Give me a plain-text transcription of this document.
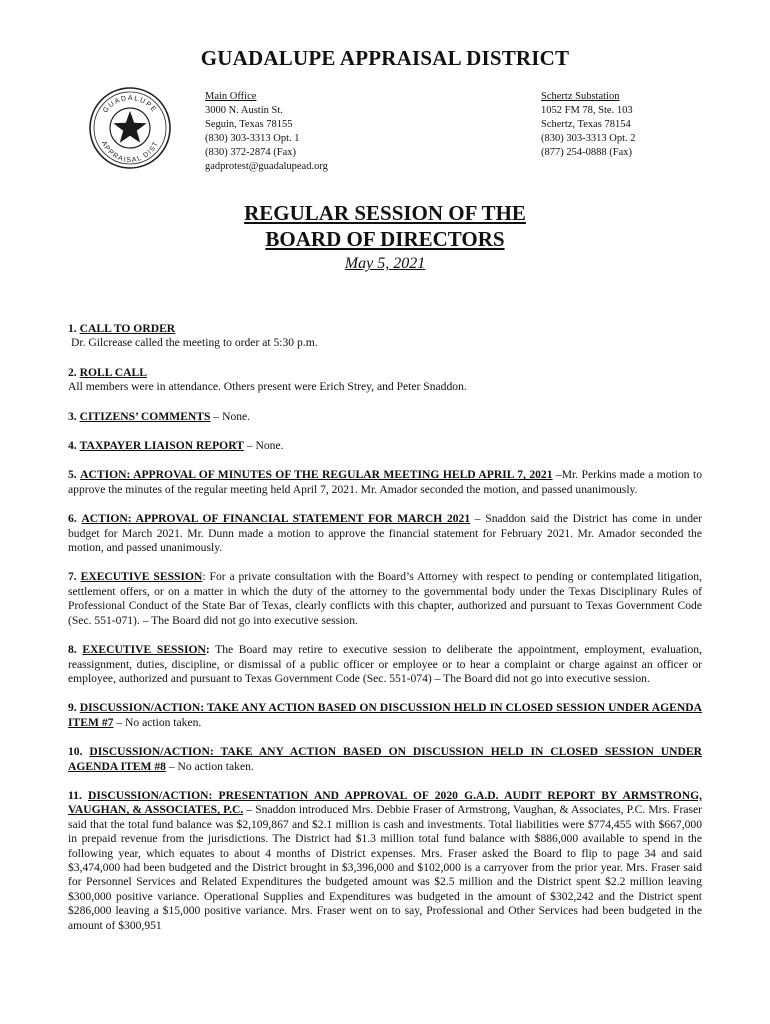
GUADALUPE APPRAISAL DISTRICT
GUADALUPE
APPRAISAL DIST
Main Office
3000 N. Austin St.
Seguin, Texas 78155
(830) 303-3313 Opt. 1
(830) 372-2874 (Fax)
gadprotest@guadalupead.org
Schertz Substation
1052 FM 78, Ste. 103
Schertz, Texas 78154
(830) 303-3313 Opt. 2
(877) 254-0888 (Fax)
REGULAR SESSION OF THE
BOARD OF DIRECTORS
May 5, 2021
1. CALL TO ORDER
Dr. Gilcrease called the meeting to order at 5:30 p.m.
2. ROLL CALL
All members were in attendance. Others present were Erich Strey, and Peter Snaddon.
3. CITIZENS’ COMMENTS – None.
4. TAXPAYER LIAISON REPORT – None.
5. ACTION: APPROVAL OF MINUTES OF THE REGULAR MEETING HELD APRIL 7, 2021 –Mr. Perkins made a motion to approve the minutes of the regular meeting held April 7, 2021. Mr. Amador seconded the motion, and passed unanimously.
6. ACTION: APPROVAL OF FINANCIAL STATEMENT FOR MARCH 2021 – Snaddon said the District has come in under budget for March 2021. Mr. Dunn made a motion to approve the financial statement for February 2021. Mr. Amador seconded the motion, and passed unanimously.
7. EXECUTIVE SESSION: For a private consultation with the Board’s Attorney with respect to pending or contemplated litigation, settlement offers, or on a matter in which the duty of the attorney to the governmental body under the Texas Disciplinary Rules of Professional Conduct of the State Bar of Texas, clearly conflicts with this chapter, authorized and pursuant to Texas Government Code (Sec. 551-071). – The Board did not go into executive session.
8. EXECUTIVE SESSION: The Board may retire to executive session to deliberate the appointment, employment, evaluation, reassignment, duties, discipline, or dismissal of a public officer or employee or to hear a complaint or charge against an officer or employee, authorized and pursuant to Texas Government Code (Sec. 551-074) – The Board did not go into executive session.
9. DISCUSSION/ACTION: TAKE ANY ACTION BASED ON DISCUSSION HELD IN CLOSED SESSION UNDER AGENDA ITEM #7 – No action taken.
10. DISCUSSION/ACTION: TAKE ANY ACTION BASED ON DISCUSSION HELD IN CLOSED SESSION UNDER AGENDA ITEM #8 – No action taken.
11. DISCUSSION/ACTION: PRESENTATION AND APPROVAL OF 2020 G.A.D. AUDIT REPORT BY ARMSTRONG, VAUGHAN, & ASSOCIATES, P.C. – Snaddon introduced Mrs. Debbie Fraser of Armstrong, Vaughan, & Associates, P.C. Mrs. Fraser said that the total fund balance was $2,109,867 and $2.1 million is cash and investments. Total liabilities were $774,455 with $667,000 in prepaid revenue from the jurisdictions. The District had $1.3 million total fund balance with $886,000 available to spend in the following year, which equates to about 4 months of District expenses. Mrs. Fraser asked the Board to flip to page 34 and said $3,474,000 had been budgeted and the District brought in $3,396,000 and $102,000 is a carryover from the prior year. Mrs. Fraser said for Personnel Services and Related Expenditures the budgeted amount was $2.5 million and the District spent $2.2 million leaving $300,000 positive variance. Operational Supplies and Expenditures was budgeted in the amount of $302,242 and the District spent $286,000 leaving a $15,000 positive variance. Mrs. Fraser went on to say, Professional and Other Services had been budgeted in the amount of $300,951
